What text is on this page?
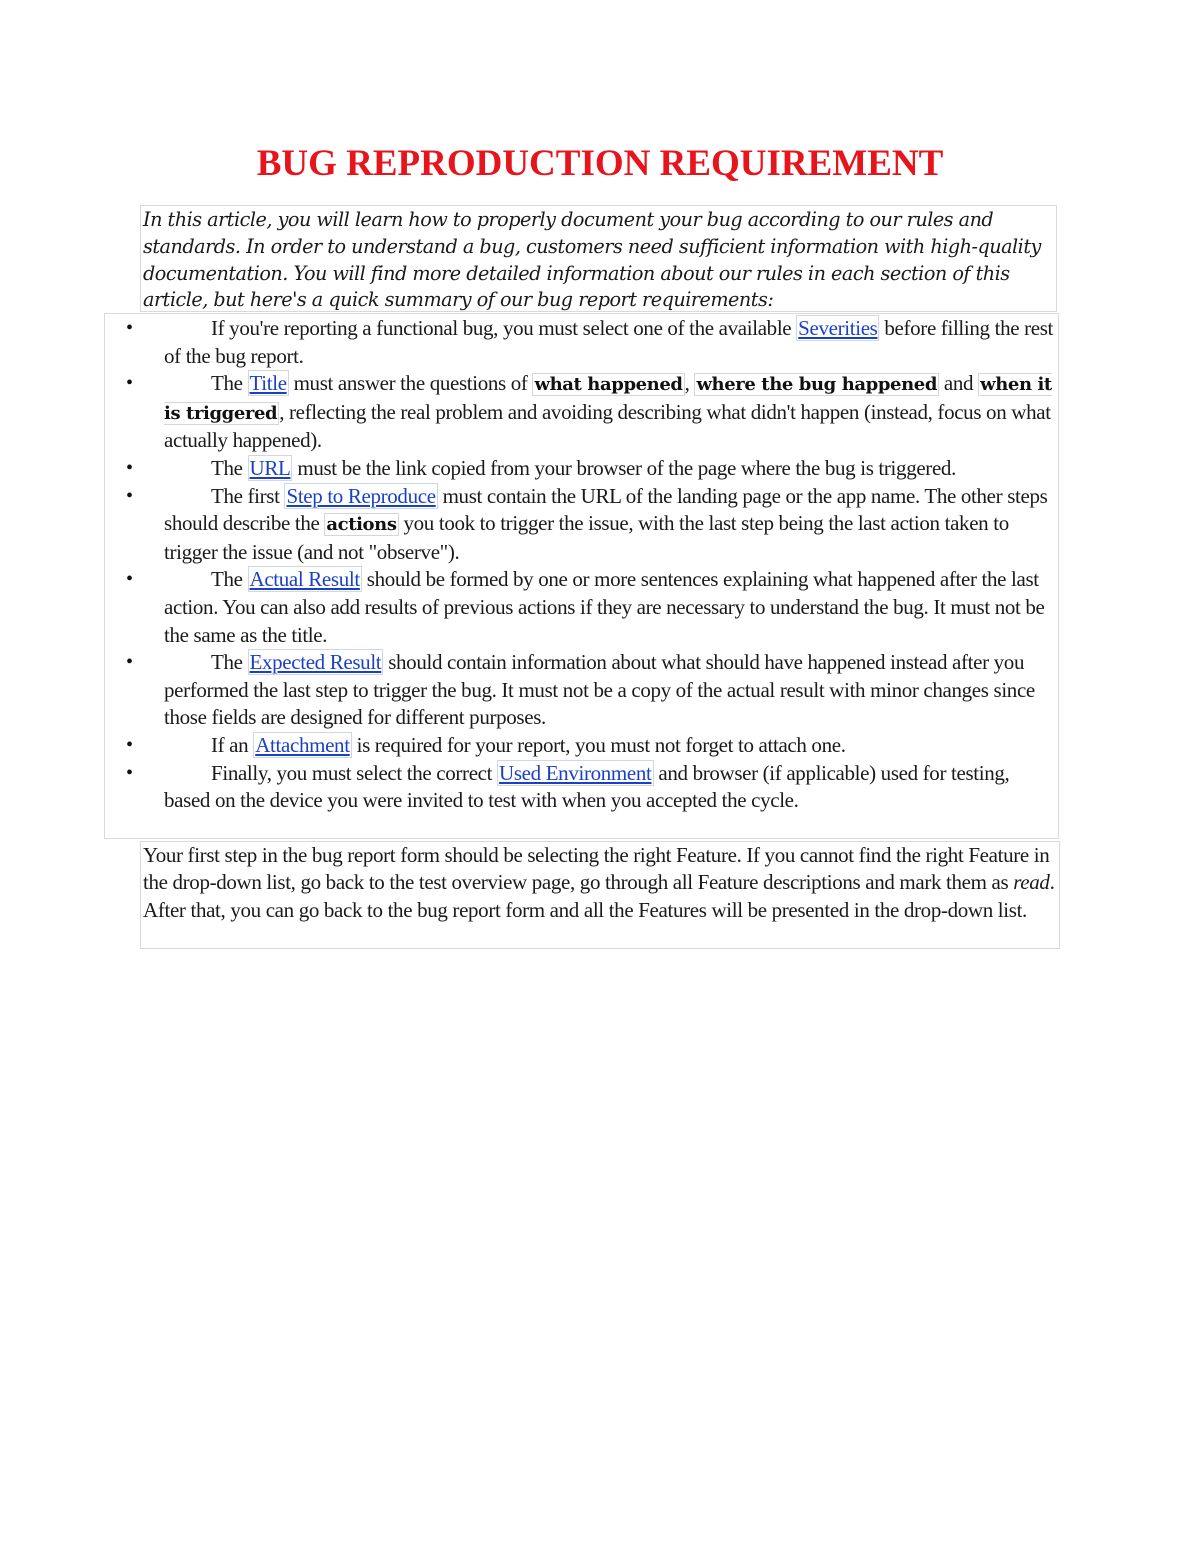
BUG REPRODUCTION REQUIREMENT

In this article, you will learn how to properly document your bug according to our rules and standards. In order to understand a bug, customers need sufficient information with high-quality documentation. You will find more detailed information about our rules in each section of this article, but here's a quick summary of our bug report requirements:

•	If you're reporting a functional bug, you must select one of the available Severities before filling the rest of the bug report.
•	The Title must answer the questions of what happened, where the bug happened and when it is triggered, reflecting the real problem and avoiding describing what didn't happen (instead, focus on what actually happened).
•	The URL must be the link copied from your browser of the page where the bug is triggered.
•	The first Step to Reproduce must contain the URL of the landing page or the app name. The other steps should describe the actions you took to trigger the issue, with the last step being the last action taken to trigger the issue (and not "observe").
•	The Actual Result should be formed by one or more sentences explaining what happened after the last action. You can also add results of previous actions if they are necessary to understand the bug. It must not be the same as the title.
•	The Expected Result should contain information about what should have happened instead after you performed the last step to trigger the bug. It must not be a copy of the actual result with minor changes since those fields are designed for different purposes.
•	If an Attachment is required for your report, you must not forget to attach one.
•	Finally, you must select the correct Used Environment and browser (if applicable) used for testing, based on the device you were invited to test with when you accepted the cycle.

Your first step in the bug report form should be selecting the right Feature. If you cannot find the right Feature in the drop-down list, go back to the test overview page, go through all Feature descriptions and mark them as read. After that, you can go back to the bug report form and all the Features will be presented in the drop-down list.
